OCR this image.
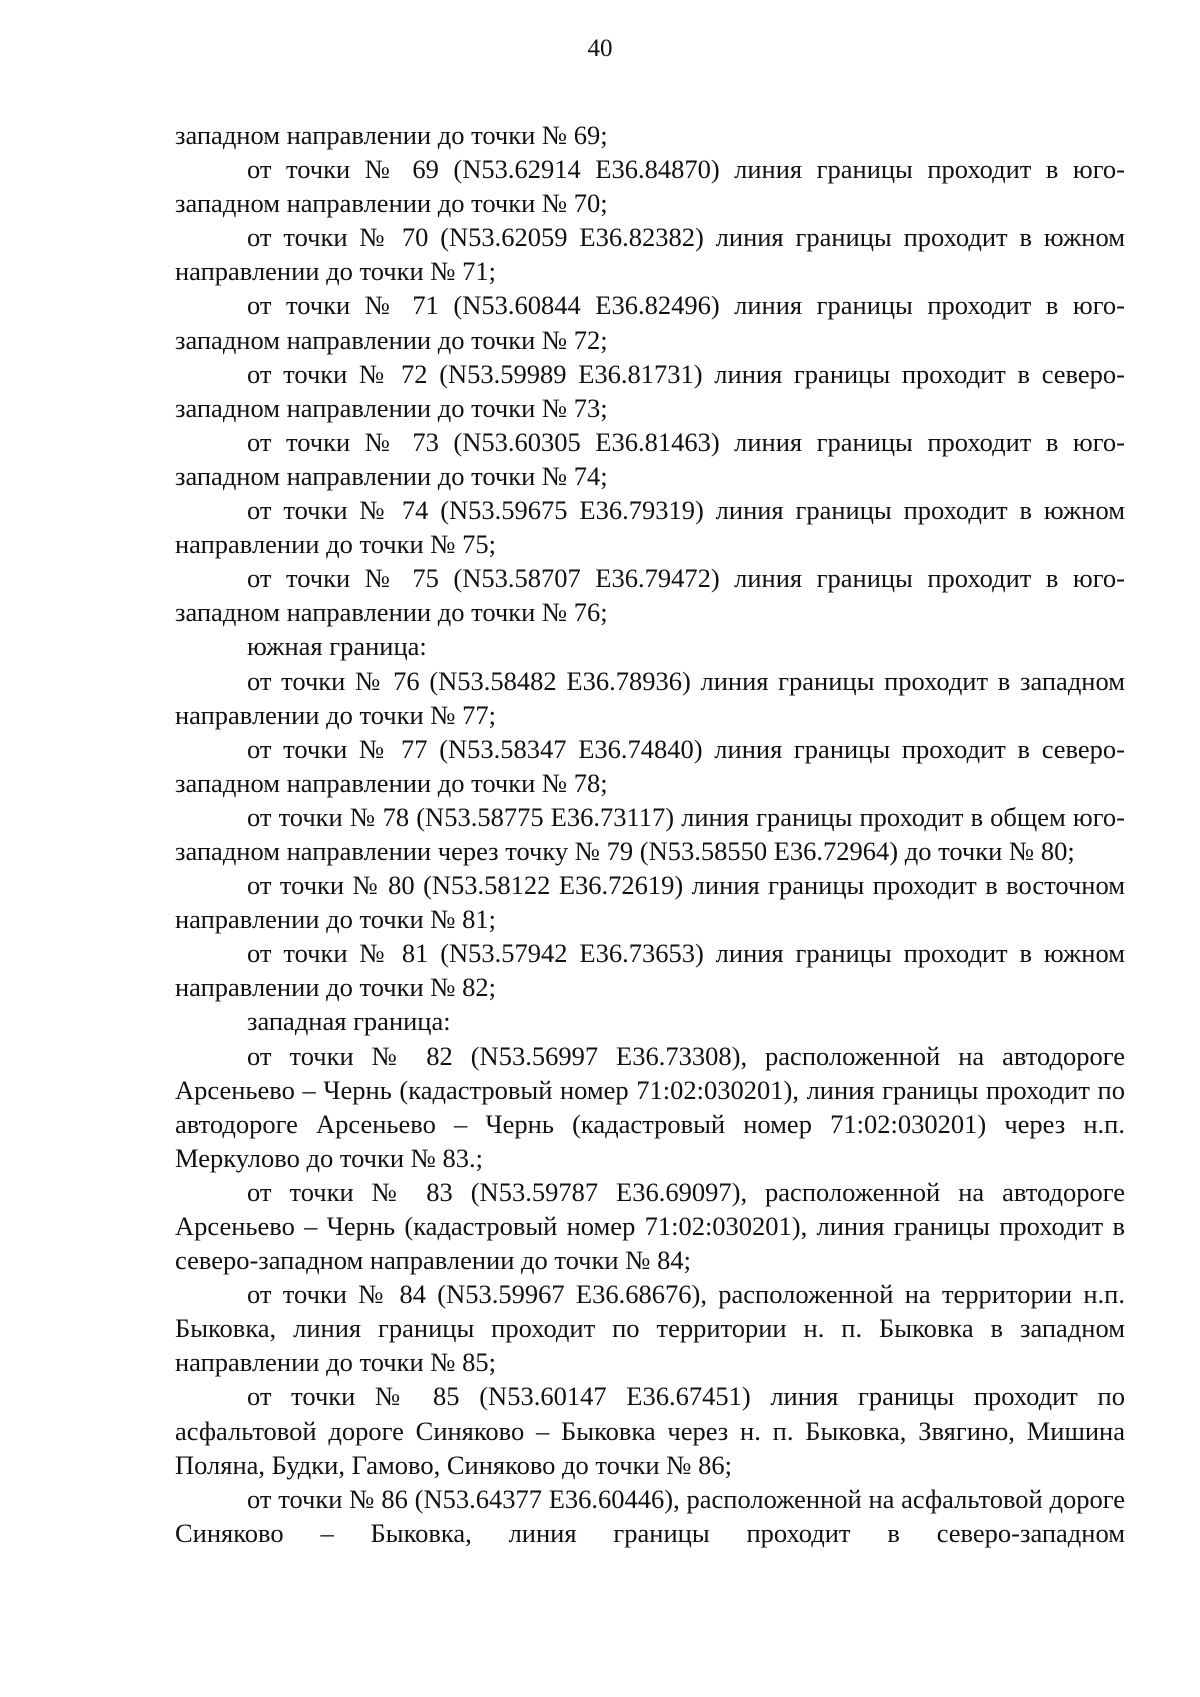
40

западном направлении до точки № 69;

от точки № 69 (N53.62914 E36.84870) линия границы проходит в юго-западном направлении до точки № 70;

от точки № 70 (N53.62059 E36.82382) линия границы проходит в южном направлении до точки № 71;

от точки № 71 (N53.60844 E36.82496) линия границы проходит в юго-западном направлении до точки № 72;

от точки № 72 (N53.59989 E36.81731) линия границы проходит в северо-западном направлении до точки № 73;

от точки № 73 (N53.60305 E36.81463) линия границы проходит в юго-западном направлении до точки № 74;

от точки № 74 (N53.59675 E36.79319) линия границы проходит в южном направлении до точки № 75;

от точки № 75 (N53.58707 E36.79472) линия границы проходит в юго-западном направлении до точки № 76;

южная граница:

от точки № 76 (N53.58482 E36.78936) линия границы проходит в западном направлении до точки № 77;

от точки № 77 (N53.58347 E36.74840) линия границы проходит в северо-западном направлении до точки № 78;

от точки № 78 (N53.58775 E36.73117) линия границы проходит в общем юго-западном направлении через точку № 79 (N53.58550 E36.72964) до точки № 80;

от точки № 80 (N53.58122 E36.72619) линия границы проходит в восточном направлении до точки № 81;

от точки № 81 (N53.57942 E36.73653) линия границы проходит в южном направлении до точки № 82;

западная граница:

от точки № 82 (N53.56997 E36.73308), расположенной на автодороге Арсеньево – Чернь (кадастровый номер 71:02:030201), линия границы проходит по автодороге Арсеньево – Чернь (кадастровый номер 71:02:030201) через н.п. Меркулово до точки № 83.;

от точки № 83 (N53.59787 E36.69097), расположенной на автодороге Арсеньево – Чернь (кадастровый номер 71:02:030201), линия границы проходит в северо-западном направлении до точки № 84;

от точки № 84 (N53.59967 E36.68676), расположенной на территории н.п. Быковка, линия границы проходит по территории н. п. Быковка в западном направлении до точки № 85;

от точки № 85 (N53.60147 E36.67451) линия границы проходит по асфальтовой дороге Синяково – Быковка через н. п. Быковка, Звягино, Мишина Поляна, Будки, Гамово, Синяково до точки № 86;

от точки № 86 (N53.64377 E36.60446), расположенной на асфальтовой дороге Синяково – Быковка, линия границы проходит в северо-западном
